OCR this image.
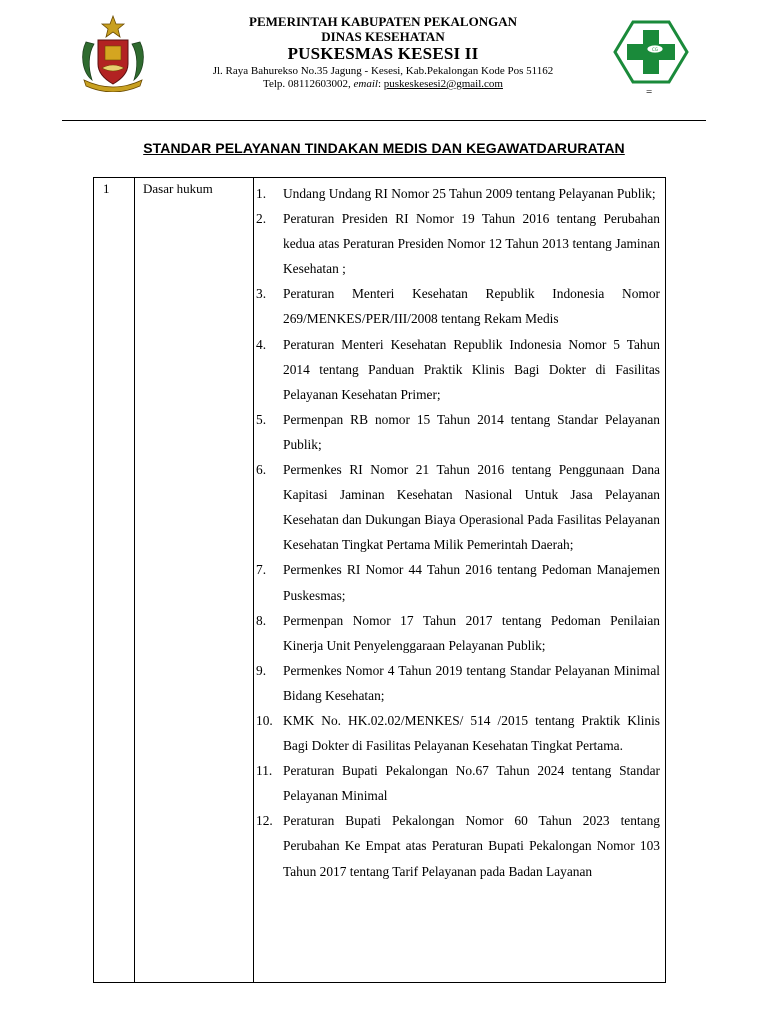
PEMERINTAH KABUPATEN PEKALONGAN
DINAS KESEHATAN
PUSKESMAS KESESI II
Jl. Raya Bahurekso No.35 Jagung - Kesesi, Kab.Pekalongan Kode Pos 51162
Telp. 08112603002, email: puskeskesesi2@gmail.com
CG
=
STANDAR PELAYANAN TINDAKAN MEDIS DAN KEGAWATDARURATAN
1	Dasar hukum	1. Undang Undang RI Nomor 25 Tahun 2009 tentang Pelayanan Publik;
2. Peraturan Presiden RI Nomor 19 Tahun 2016 tentang Perubahan kedua atas Peraturan Presiden Nomor 12 Tahun 2013 tentang Jaminan Kesehatan ;
3. Peraturan Menteri Kesehatan Republik Indonesia Nomor 269/MENKES/PER/III/2008 tentang Rekam Medis
4. Peraturan Menteri Kesehatan Republik Indonesia Nomor 5 Tahun 2014 tentang Panduan Praktik Klinis Bagi Dokter di Fasilitas Pelayanan Kesehatan Primer;
5. Permenpan RB nomor 15 Tahun 2014 tentang Standar Pelayanan Publik;
6. Permenkes RI Nomor 21 Tahun 2016 tentang Penggunaan Dana Kapitasi Jaminan Kesehatan Nasional Untuk Jasa Pelayanan Kesehatan dan Dukungan Biaya Operasional Pada Fasilitas Pelayanan Kesehatan Tingkat Pertama Milik Pemerintah Daerah;
7. Permenkes RI Nomor 44 Tahun 2016 tentang Pedoman Manajemen Puskesmas;
8. Permenpan Nomor 17 Tahun 2017 tentang Pedoman Penilaian Kinerja Unit Penyelenggaraan Pelayanan Publik;
9. Permenkes Nomor 4 Tahun 2019 tentang Standar Pelayanan Minimal Bidang Kesehatan;
10. KMK No. HK.02.02/MENKES/ 514 /2015 tentang Praktik Klinis Bagi Dokter di Fasilitas Pelayanan Kesehatan Tingkat Pertama.
11. Peraturan Bupati Pekalongan No.67 Tahun 2024 tentang Standar Pelayanan Minimal
12. Peraturan Bupati Pekalongan Nomor 60 Tahun 2023 tentang Perubahan Ke Empat atas Peraturan Bupati Pekalongan Nomor 103 Tahun 2017 tentang Tarif Pelayanan pada Badan Layanan
